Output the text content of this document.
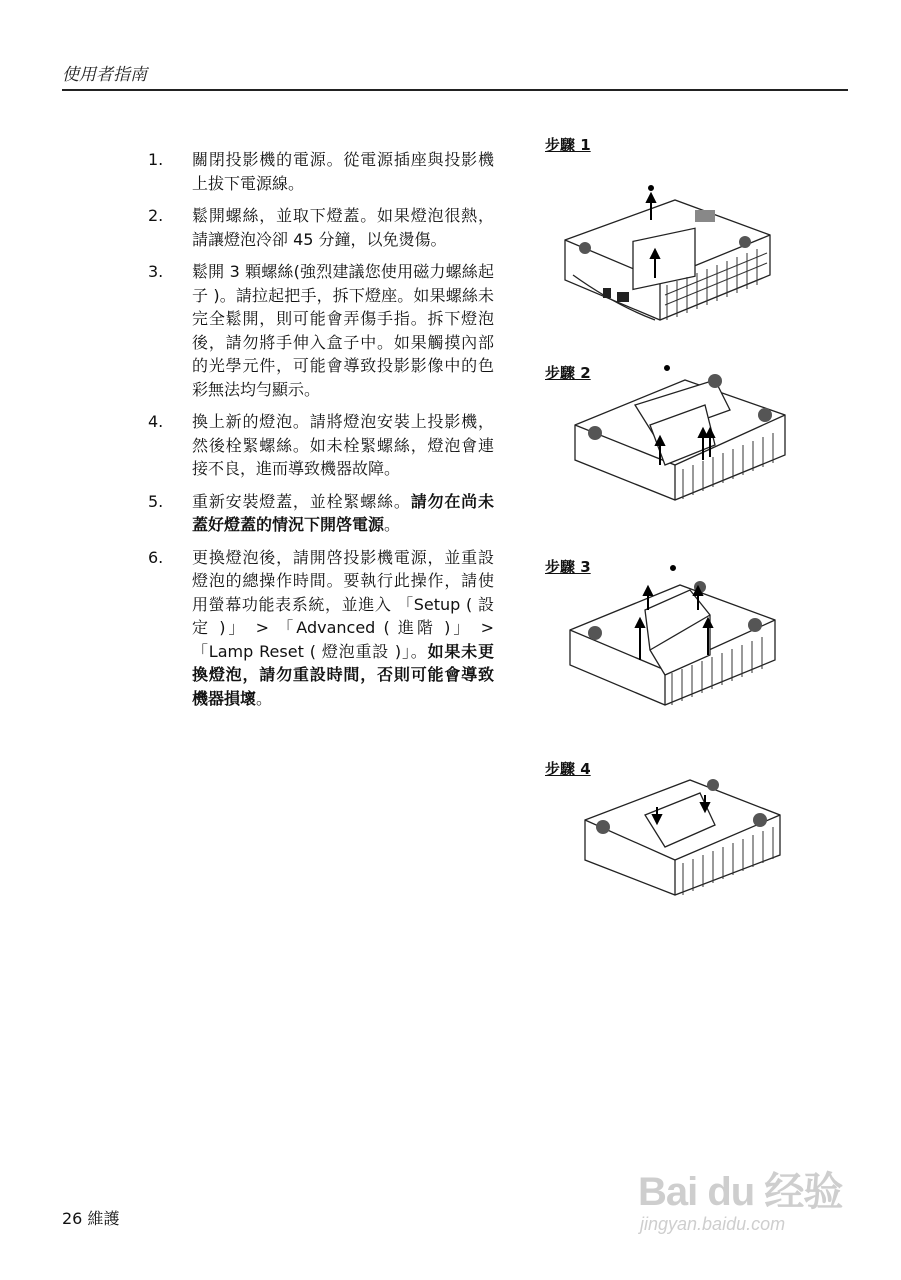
使用者指南
1.	關閉投影機的電源。從電源插座與投影機上拔下電源線。
2.	鬆開螺絲，並取下燈蓋。如果燈泡很熱，請讓燈泡冷卻 45 分鐘，以免燙傷。
3.	鬆開 3 顆螺絲(強烈建議您使用磁力螺絲起子 )。請拉起把手，拆下燈座。如果螺絲未完全鬆開，則可能會弄傷手指。拆下燈泡後，請勿將手伸入盒子中。如果觸摸內部的光學元件，可能會導致投影影像中的色彩無法均勻顯示。
4.	換上新的燈泡。請將燈泡安裝上投影機，然後栓緊螺絲。如未栓緊螺絲，燈泡會連接不良，進而導致機器故障。
5.	重新安裝燈蓋，並栓緊螺絲。請勿在尚未蓋好燈蓋的情況下開啓電源。
6.	更換燈泡後，請開啓投影機電源，並重設燈泡的總操作時間。要執行此操作，請使用螢幕功能表系統，並進入 「Setup ( 設定 )」 > 「Advanced ( 進階 )」 > 「Lamp Reset ( 燈泡重設 )」。如果未更換燈泡，請勿重設時間，否則可能會導致機器損壞。
步驟 1
步驟 2
步驟 3
步驟 4
26 維護
Bai du 经验
jingyan.baidu.com
